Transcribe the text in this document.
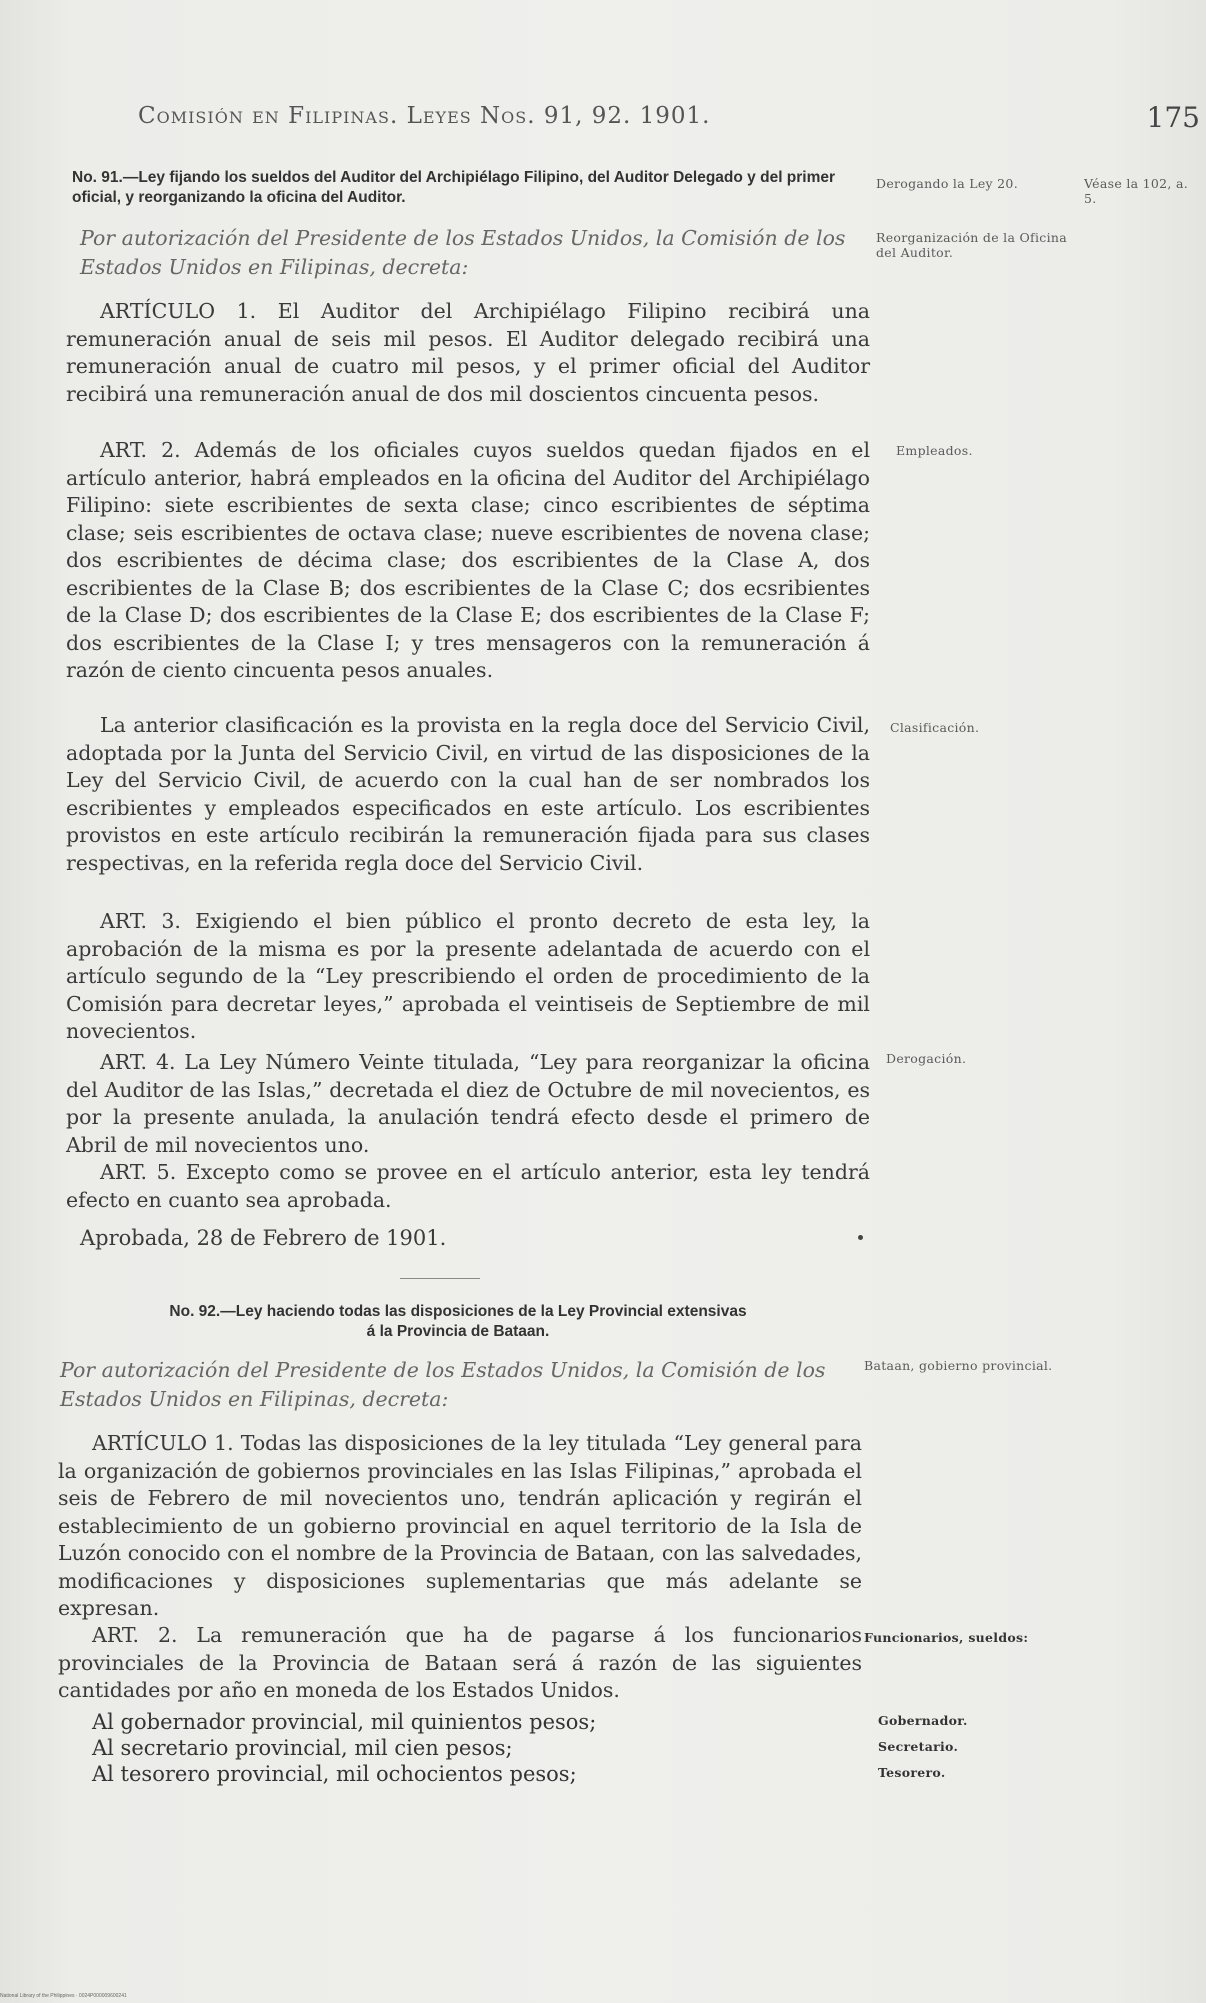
Comisión en Filipinas. Leyes Nos. 91, 92. 1901.	175
No. 91.—Ley fijando los sueldos del Auditor del Archipiélago Filipino, del Auditor Delegado y del primer oficial, y reorganizando la oficina del Auditor.
Por autorización del Presidente de los Estados Unidos, la Comisión de los Estados Unidos en Filipinas, decreta:
ARTÍCULO 1. El Auditor del Archipiélago Filipino recibirá una remuneración anual de seis mil pesos. El Auditor delegado recibirá una remuneración anual de cuatro mil pesos, y el primer oficial del Auditor recibirá una remuneración anual de dos mil doscientos cincuenta pesos.
ART. 2. Además de los oficiales cuyos sueldos quedan fijados en el artículo anterior, habrá empleados en la oficina del Auditor del Archipiélago Filipino: siete escribientes de sexta clase; cinco escribientes de séptima clase; seis escribientes de octava clase; nueve escribientes de novena clase; dos escribientes de décima clase; dos escribientes de la Clase A, dos escribientes de la Clase B; dos escribientes de la Clase C; dos ecsribientes de la Clase D; dos escribientes de la Clase E; dos escribientes de la Clase F; dos escribientes de la Clase I; y tres mensageros con la remuneración á razón de ciento cincuenta pesos anuales.
La anterior clasificación es la provista en la regla doce del Servicio Civil, adoptada por la Junta del Servicio Civil, en virtud de las disposiciones de la Ley del Servicio Civil, de acuerdo con la cual han de ser nombrados los escribientes y empleados especificados en este artículo. Los escribientes provistos en este artículo recibirán la remuneración fijada para sus clases respectivas, en la referida regla doce del Servicio Civil.
ART. 3. Exigiendo el bien público el pronto decreto de esta ley, la aprobación de la misma es por la presente adelantada de acuerdo con el artículo segundo de la “Ley prescribiendo el orden de procedimiento de la Comisión para decretar leyes,” aprobada el veintiseis de Septiembre de mil novecientos.
ART. 4. La Ley Número Veinte titulada, “Ley para reorganizar la oficina del Auditor de las Islas,” decretada el diez de Octubre de mil novecientos, es por la presente anulada, la anulación tendrá efecto desde el primero de Abril de mil novecientos uno.
ART. 5. Excepto como se provee en el artículo anterior, esta ley tendrá efecto en cuanto sea aprobada.
Aprobada, 28 de Febrero de 1901.
No. 92.—Ley haciendo todas las disposiciones de la Ley Provincial extensivas
á la Provincia de Bataan.
Por autorización del Presidente de los Estados Unidos, la Comisión de los Estados Unidos en Filipinas, decreta:
ARTÍCULO 1. Todas las disposiciones de la ley titulada “Ley general para la organización de gobiernos provinciales en las Islas Filipinas,” aprobada el seis de Febrero de mil novecientos uno, tendrán aplicación y regirán el establecimiento de un gobierno provincial en aquel territorio de la Isla de Luzón conocido con el nombre de la Provincia de Bataan, con las salvedades, modificaciones y disposiciones suplementarias que más adelante se expresan.
ART. 2. La remuneración que ha de pagarse á los funcionarios provinciales de la Provincia de Bataan será á razón de las siguientes cantidades por año en moneda de los Estados Unidos.
Al gobernador provincial, mil quinientos pesos;
Al secretario provincial, mil cien pesos;
Al tesorero provincial, mil ochocientos pesos;
Derogando la Ley 20.	Véase la 102, a. 5.
Reorganización de la Oficina del Auditor.
Empleados.
Clasificación.
Derogación.
Bataan, gobierno provincial.
Funcionarios, sueldos:
Gobernador.
Secretario.
Tesorero.
National Library of the Philippines · 0024P000009600241
